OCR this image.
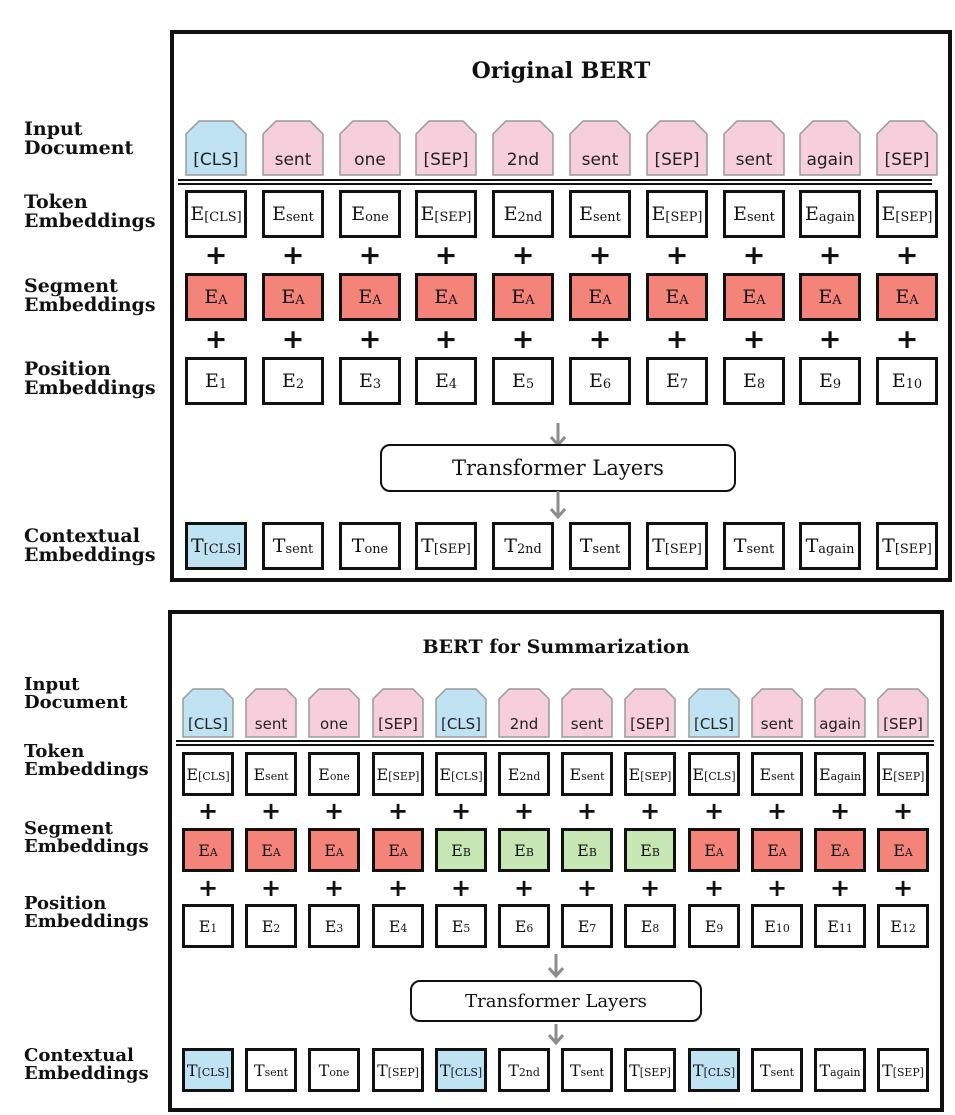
Original BERT
Input
Document
Token
Embeddings
Segment
Embeddings
Position
Embeddings
Contextual
Embeddings
[CLS]
$E_{[CLS]}$
+
$E_A$
+
$E_1$
$T_{[CLS]}$
sent
$E_{sent}$
+
$E_A$
+
$E_2$
$T_{sent}$
one
$E_{one}$
+
$E_A$
+
$E_3$
$T_{one}$
[SEP]
$E_{[SEP]}$
+
$E_A$
+
$E_4$
$T_{[SEP]}$
2nd
$E_{2nd}$
+
$E_A$
+
$E_5$
$T_{2nd}$
sent
$E_{sent}$
+
$E_A$
+
$E_6$
$T_{sent}$
[SEP]
$E_{[SEP]}$
+
$E_A$
+
$E_7$
$T_{[SEP]}$
sent
$E_{sent}$
+
$E_A$
+
$E_8$
$T_{sent}$
again
$E_{again}$
+
$E_A$
+
$E_9$
$T_{again}$
[SEP]
$E_{[SEP]}$
+
$E_A$
+
$E_{10}$
$T_{[SEP]}$
Transformer Layers
BERT for Summarization
Input
Document
Token
Embeddings
Segment
Embeddings
Position
Embeddings
Contextual
Embeddings
[CLS]
$E_{[CLS]}$
+
$E_A$
+
$E_1$
$T_{[CLS]}$
sent
$E_{sent}$
+
$E_A$
+
$E_2$
$T_{sent}$
one
$E_{one}$
+
$E_A$
+
$E_3$
$T_{one}$
[SEP]
$E_{[SEP]}$
+
$E_A$
+
$E_4$
$T_{[SEP]}$
[CLS]
$E_{[CLS]}$
+
$E_B$
+
$E_5$
$T_{[CLS]}$
2nd
$E_{2nd}$
+
$E_B$
+
$E_6$
$T_{2nd}$
sent
$E_{sent}$
+
$E_B$
+
$E_7$
$T_{sent}$
[SEP]
$E_{[SEP]}$
+
$E_B$
+
$E_8$
$T_{[SEP]}$
[CLS]
$E_{[CLS]}$
+
$E_A$
+
$E_9$
$T_{[CLS]}$
sent
$E_{sent}$
+
$E_A$
+
$E_{10}$
$T_{sent}$
again
$E_{again}$
+
$E_A$
+
$E_{11}$
$T_{again}$
[SEP]
$E_{[SEP]}$
+
$E_A$
+
$E_{12}$
$T_{[SEP]}$
Transformer Layers
